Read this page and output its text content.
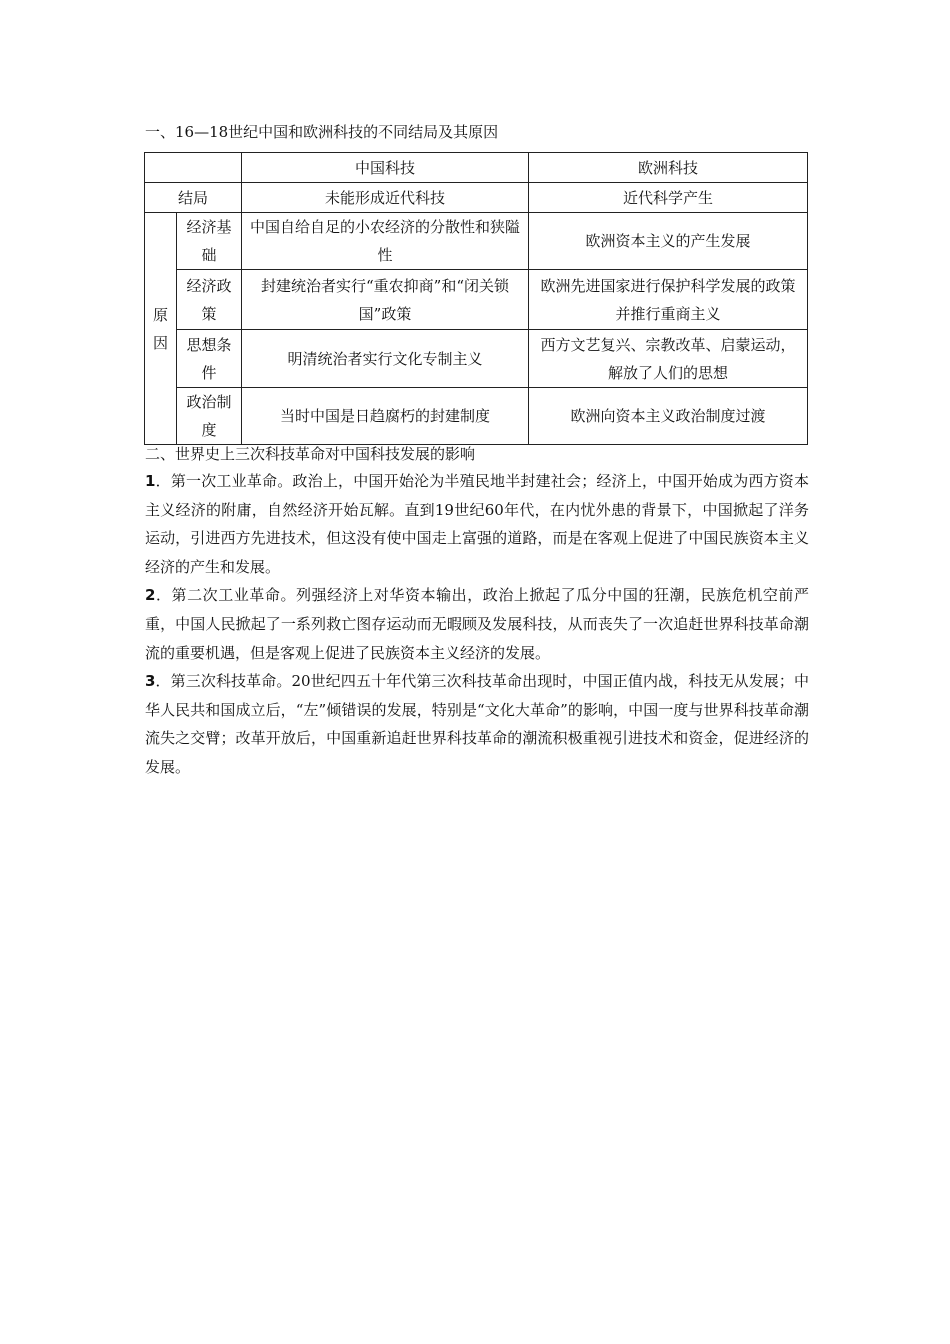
一、16—18世纪中国和欧洲科技的不同结局及其原因
		中国科技	欧洲科技
结局		未能形成近代科技	近代科学产生
原因	经济基础	中国自给自足的小农经济的分散性和狭隘性	欧洲资本主义的产生发展
	经济政策	封建统治者实行“重农抑商”和“闭关锁国”政策	欧洲先进国家进行保护科学发展的政策并推行重商主义
	思想条件	明清统治者实行文化专制主义	西方文艺复兴、宗教改革、启蒙运动，解放了人们的思想
	政治制度	当时中国是日趋腐朽的封建制度	欧洲向资本主义政治制度过渡
二、世界史上三次科技革命对中国科技发展的影响

1．第一次工业革命。政治上，中国开始沦为半殖民地半封建社会；经济上，中国开始成为西方资本主义经济的附庸，自然经济开始瓦解。直到19世纪60年代，在内忧外患的背景下，中国掀起了洋务运动，引进西方先进技术，但这没有使中国走上富强的道路，而是在客观上促进了中国民族资本主义经济的产生和发展。

2．第二次工业革命。列强经济上对华资本输出，政治上掀起了瓜分中国的狂潮，民族危机空前严重，中国人民掀起了一系列救亡图存运动而无暇顾及发展科技，从而丧失了一次追赶世界科技革命潮流的重要机遇，但是客观上促进了民族资本主义经济的发展。

3．第三次科技革命。20世纪四五十年代第三次科技革命出现时，中国正值内战，科技无从发展；中华人民共和国成立后，“左”倾错误的发展，特别是“文化大革命”的影响，中国一度与世界科技革命潮流失之交臂；改革开放后，中国重新追赶世界科技革命的潮流积极重视引进技术和资金，促进经济的发展。
